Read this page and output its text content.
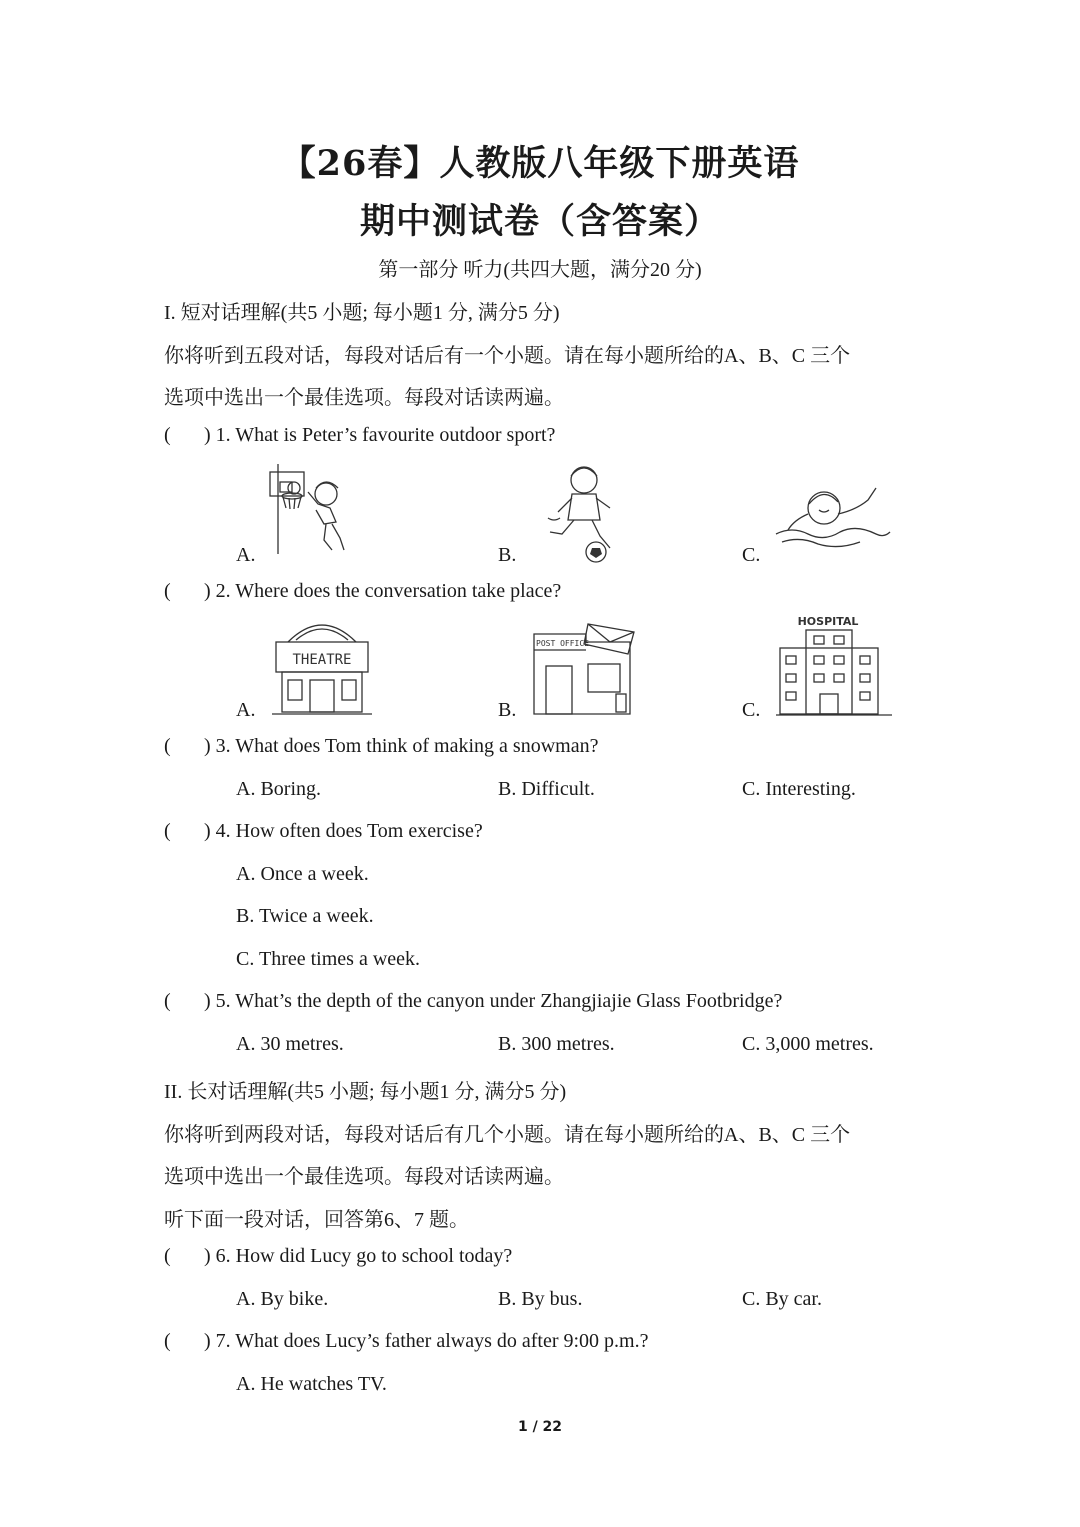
【26春】人教版八年级下册英语
期中测试卷（含答案）
第一部分 听力(共四大题，满分20 分)
I. 短对话理解(共5 小题; 每小题1 分, 满分5 分)
你将听到五段对话，每段对话后有一个小题。请在每小题所给的A、B、C 三个
选项中选出一个最佳选项。每段对话读两遍。
( ) 1. What is Peter’s favourite outdoor sport?
A.	B.	C.
( ) 2. Where does the conversation take place?
THEATRE
A.
POST OFFICE
B.
HOSPITAL
C.
( ) 3. What does Tom think of making a snowman?
A. Boring.	B. Difficult.	C. Interesting.
( ) 4. How often does Tom exercise?
A. Once a week.
B. Twice a week.
C. Three times a week.
( ) 5. What’s the depth of the canyon under Zhangjiajie Glass Footbridge?
A. 30 metres.	B. 300 metres.	C. 3,000 metres.
II. 长对话理解(共5 小题; 每小题1 分, 满分5 分)
你将听到两段对话，每段对话后有几个小题。请在每小题所给的A、B、C 三个
选项中选出一个最佳选项。每段对话读两遍。
听下面一段对话，回答第6、7 题。
( ) 6. How did Lucy go to school today?
A. By bike.	B. By bus.	C. By car.
( ) 7. What does Lucy’s father always do after 9:00 p.m.?
A. He watches TV.
1 / 22
